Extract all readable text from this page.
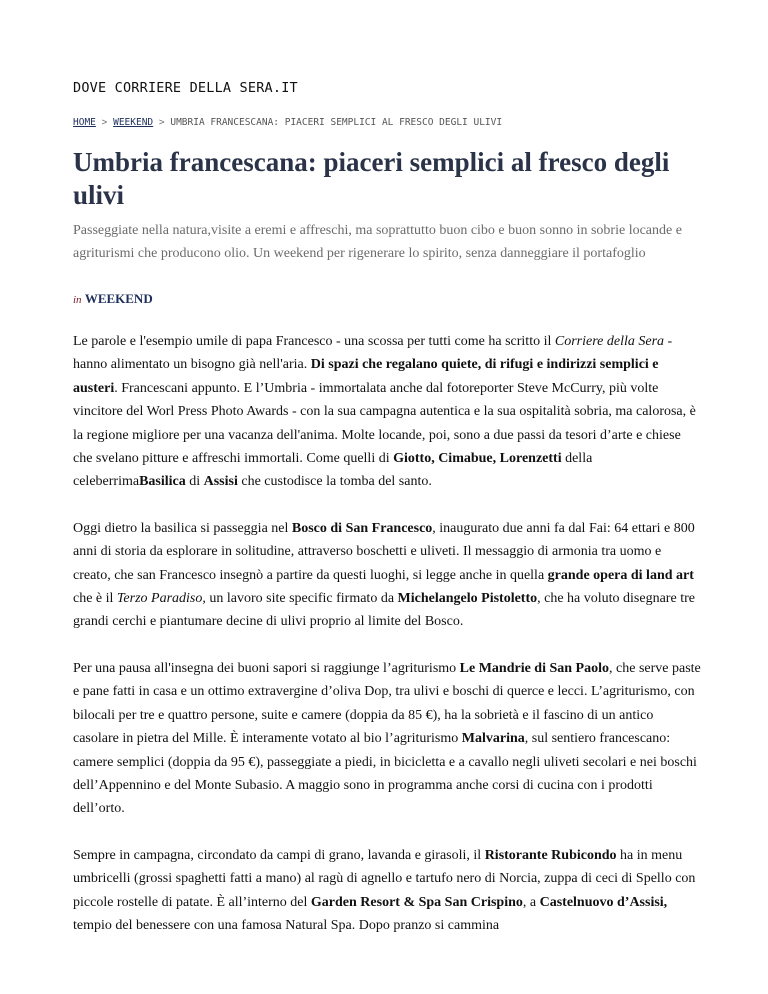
DOVE CORRIERE DELLA SERA.IT
HOME > WEEKEND > UMBRIA FRANCESCANA: PIACERI SEMPLICI AL FRESCO DEGLI ULIVI
Umbria francescana: piaceri semplici al fresco degli ulivi

Passeggiate nella natura,visite a eremi e affreschi, ma soprattutto buon cibo e buon sonno in sobrie locande e agriturismi che producono olio. Un weekend per rigenerare lo spirito, senza danneggiare il portafoglio

in WEEKEND

Le parole e l'esempio umile di papa Francesco - una scossa per tutti come ha scritto il Corriere della Sera - hanno alimentato un bisogno già nell'aria. Di spazi che regalano quiete, di rifugi e indirizzi semplici e austeri. Francescani appunto. E l’Umbria - immortalata anche dal fotoreporter Steve McCurry, più volte vincitore del Worl Press Photo Awards - con la sua campagna autentica e la sua ospitalità sobria, ma calorosa, è la regione migliore per una vacanza dell'anima. Molte locande, poi, sono a due passi da tesori d’arte e chiese che svelano pitture e affreschi immortali. Come quelli di Giotto, Cimabue, Lorenzetti della celeberrimaBasilica di Assisi che custodisce la tomba del santo.

Oggi dietro la basilica si passeggia nel Bosco di San Francesco, inaugurato due anni fa dal Fai: 64 ettari e 800 anni di storia da esplorare in solitudine, attraverso boschetti e uliveti. Il messaggio di armonia tra uomo e creato, che san Francesco insegnò a partire da questi luoghi, si legge anche in quella grande opera di land art che è il Terzo Paradiso, un lavoro site specific firmato da Michelangelo Pistoletto, che ha voluto disegnare tre grandi cerchi e piantumare decine di ulivi proprio al limite del Bosco.

Per una pausa all'insegna dei buoni sapori si raggiunge l’agriturismo Le Mandrie di San Paolo, che serve paste e pane fatti in casa e un ottimo extravergine d’oliva Dop, tra ulivi e boschi di querce e lecci. L’agriturismo, con bilocali per tre e quattro persone, suite e camere (doppia da 85 €), ha la sobrietà e il fascino di un antico casolare in pietra del Mille. È interamente votato al bio l’agriturismo Malvarina, sul sentiero francescano: camere semplici (doppia da 95 €), passeggiate a piedi, in bicicletta e a cavallo negli uliveti secolari e nei boschi dell’Appennino e del Monte Subasio. A maggio sono in programma anche corsi di cucina con i prodotti dell’orto.

Sempre in campagna, circondato da campi di grano, lavanda e girasoli, il Ristorante Rubicondo ha in menu umbricelli (grossi spaghetti fatti a mano) al ragù di agnello e tartufo nero di Norcia, zuppa di ceci di Spello con piccole rostelle di patate. È all’interno del Garden Resort & Spa San Crispino, a Castelnuovo d’Assisi, tempio del benessere con una famosa Natural Spa. Dopo pranzo si cammina
